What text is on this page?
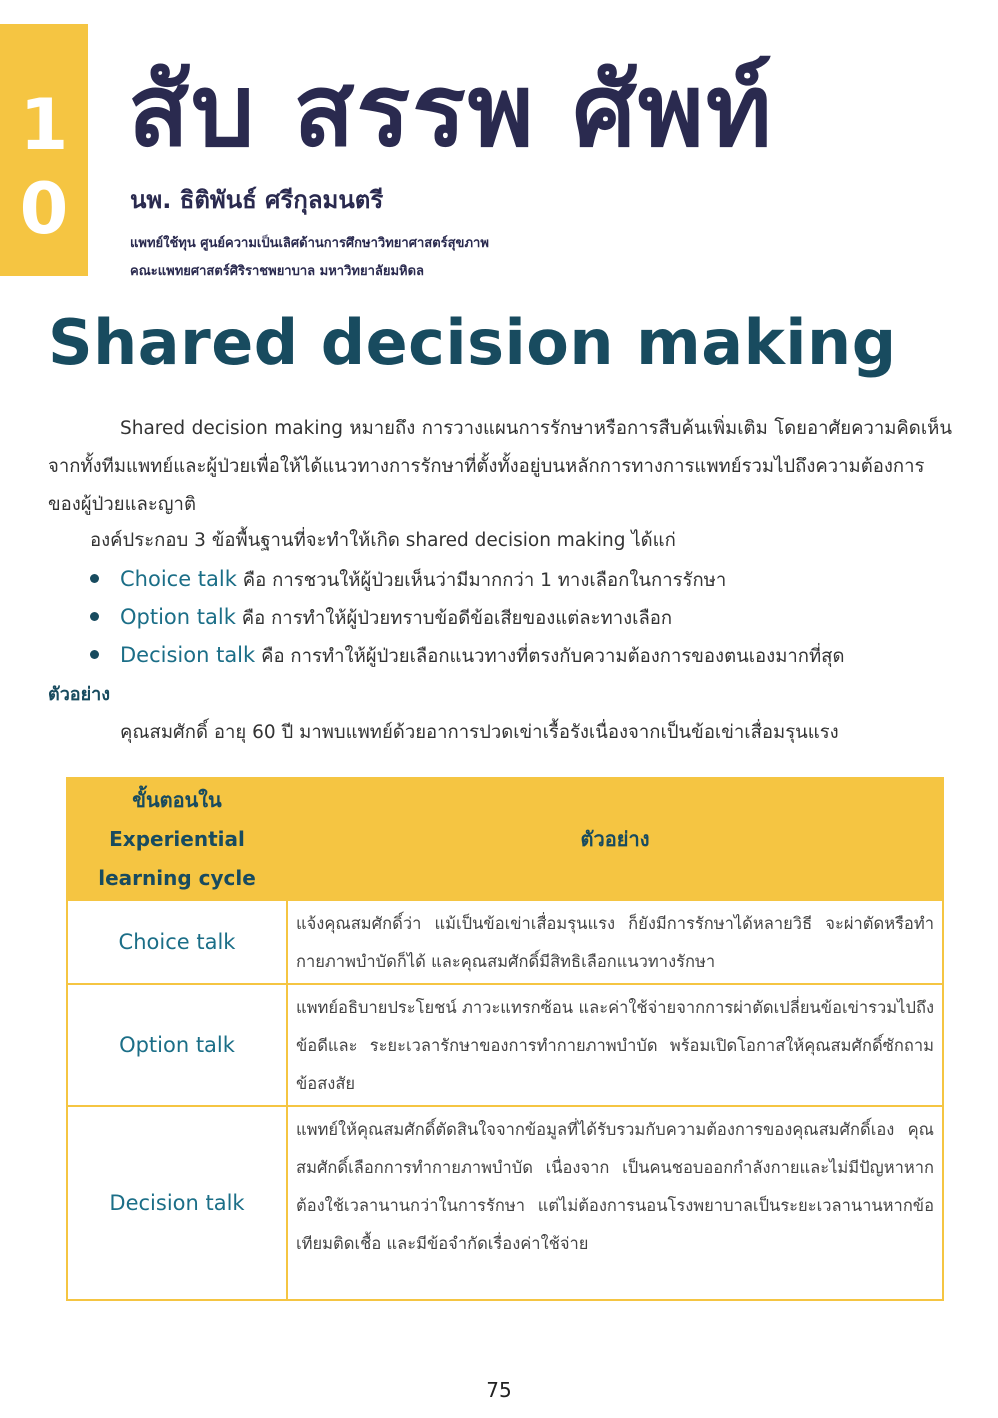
1
0
สับ สรรพ ศัพท์
นพ. ธิติพันธ์ ศรีกุลมนตรี
แพทย์ใช้ทุน ศูนย์ความเป็นเลิศด้านการศึกษาวิทยาศาสตร์สุขภาพ
คณะแพทยศาสตร์ศิริราชพยาบาล มหาวิทยาลัยมหิดล
Shared decision making
Shared decision making หมายถึง การวางแผนการรักษาหรือการสืบค้นเพิ่มเติม โดยอาศัยความคิดเห็นจากทั้งทีมแพทย์และผู้ป่วยเพื่อให้ได้แนวทางการรักษาที่ตั้งทั้งอยู่บนหลักการทางการแพทย์รวมไปถึงความต้องการของผู้ป่วยและญาติ
องค์ประกอบ 3 ข้อพื้นฐานที่จะทำให้เกิด shared decision making ได้แก่
Choice talk คือ การชวนให้ผู้ป่วยเห็นว่ามีมากกว่า 1 ทางเลือกในการรักษา
Option talk คือ การทำให้ผู้ป่วยทราบข้อดีข้อเสียของแต่ละทางเลือก
Decision talk คือ การทำให้ผู้ป่วยเลือกแนวทางที่ตรงกับความต้องการของตนเองมากที่สุด
ตัวอย่าง
คุณสมศักดิ์ อายุ 60 ปี มาพบแพทย์ด้วยอาการปวดเข่าเรื้อรังเนื่องจากเป็นข้อเข่าเสื่อมรุนแรง
ขั้นตอนใน
Experiential
learning cycle	ตัวอย่าง
Choice talk	แจ้งคุณสมศักดิ์ว่า แม้เป็นข้อเข่าเสื่อมรุนแรง ก็ยังมีการรักษาได้หลายวิธี จะผ่าตัดหรือทำกายภาพบำบัดก็ได้ และคุณสมศักดิ์มีสิทธิเลือกแนวทางรักษา
Option talk	แพทย์อธิบายประโยชน์ ภาวะแทรกซ้อน และค่าใช้จ่ายจากการผ่าตัดเปลี่ยนข้อเข่ารวมไปถึงข้อดีและ ระยะเวลารักษาของการทำกายภาพบำบัด พร้อมเปิดโอกาสให้คุณสมศักดิ์ซักถามข้อสงสัย
Decision talk	แพทย์ให้คุณสมศักดิ์ตัดสินใจจากข้อมูลที่ได้รับรวมกับความต้องการของคุณสมศักดิ์เอง คุณสมศักดิ์เลือกการทำกายภาพบำบัด เนื่องจาก เป็นคนชอบออกกำลังกายและไม่มีปัญหาหากต้องใช้เวลานานกว่าในการรักษา แต่ไม่ต้องการนอนโรงพยาบาลเป็นระยะเวลานานหากข้อเทียมติดเชื้อ และมีข้อจำกัดเรื่องค่าใช้จ่าย
75
